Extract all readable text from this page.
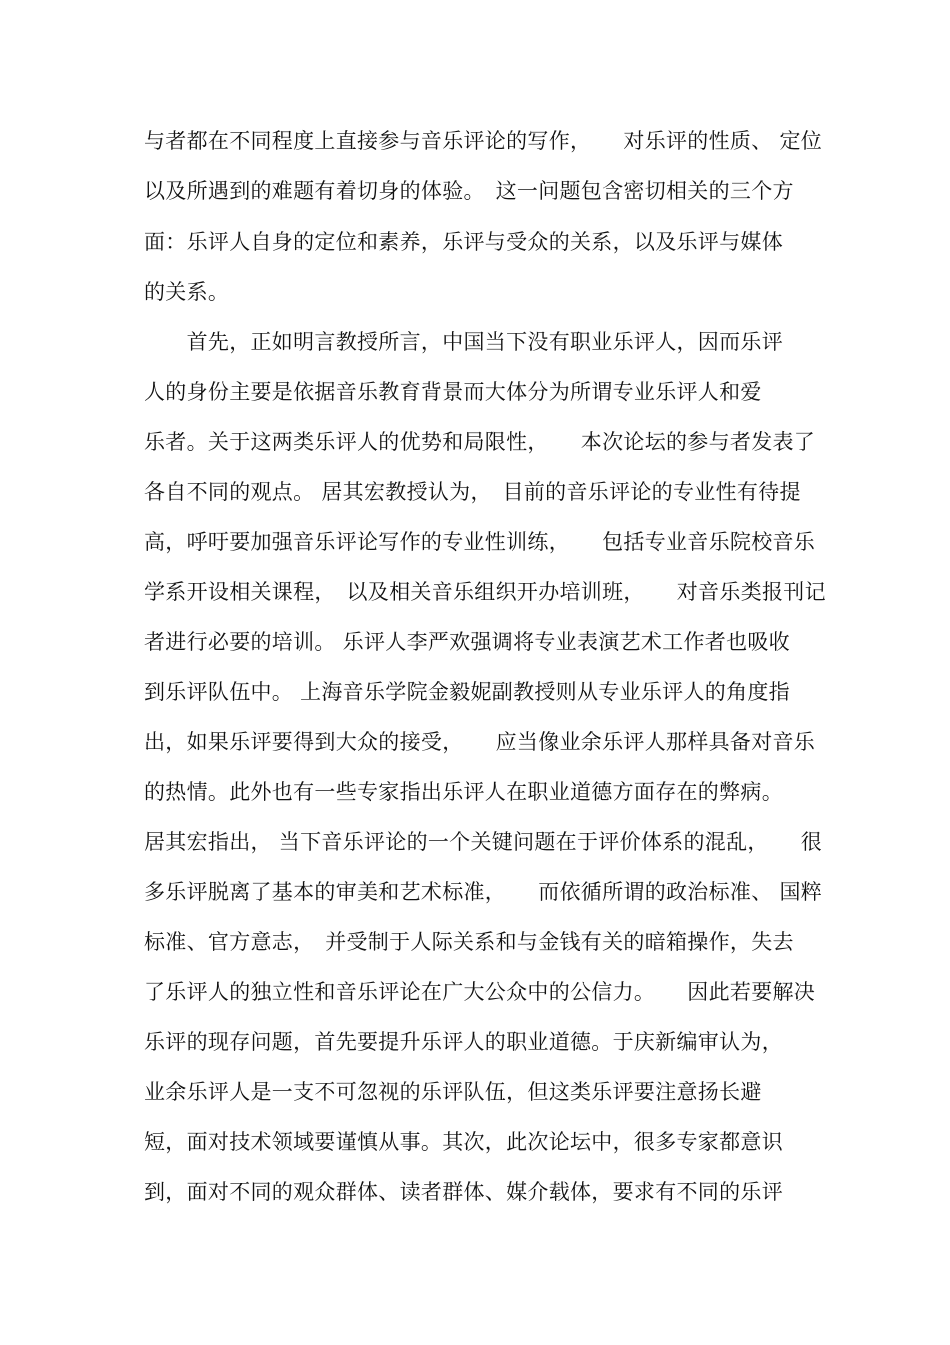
与者都在不同程度上直接参与音乐评论的写作，　　对乐评的性质、 定位
以及所遇到的难题有着切身的体验。　这一问题包含密切相关的三个方
面：乐评人自身的定位和素养，乐评与受众的关系，以及乐评与媒体
的关系。
　　首先，正如明言教授所言，中国当下没有职业乐评人，因而乐评
人的身份主要是依据音乐教育背景而大体分为所谓专业乐评人和爱
乐者。关于这两类乐评人的优势和局限性，　　本次论坛的参与者发表了
各自不同的观点。 居其宏教授认为，　目前的音乐评论的专业性有待提
高，呼吁要加强音乐评论写作的专业性训练，　　包括专业音乐院校音乐
学系开设相关课程，　以及相关音乐组织开办培训班，　　对音乐类报刊记
者进行必要的培训。 乐评人李严欢强调将专业表演艺术工作者也吸收
到乐评队伍中。 上海音乐学院金毅妮副教授则从专业乐评人的角度指
出，如果乐评要得到大众的接受，　　应当像业余乐评人那样具备对音乐
的热情。此外也有一些专家指出乐评人在职业道德方面存在的弊病。
居其宏指出， 当下音乐评论的一个关键问题在于评价体系的混乱，　　很
多乐评脱离了基本的审美和艺术标准，　　而依循所谓的政治标准、 国粹
标准、官方意志，　并受制于人际关系和与金钱有关的暗箱操作，失去
了乐评人的独立性和音乐评论在广大公众中的公信力。　　因此若要解决
乐评的现存问题，首先要提升乐评人的职业道德。于庆新编审认为，
业余乐评人是一支不可忽视的乐评队伍，但这类乐评要注意扬长避
短，面对技术领域要谨慎从事。其次，此次论坛中，很多专家都意识
到，面对不同的观众群体、读者群体、媒介载体，要求有不同的乐评
